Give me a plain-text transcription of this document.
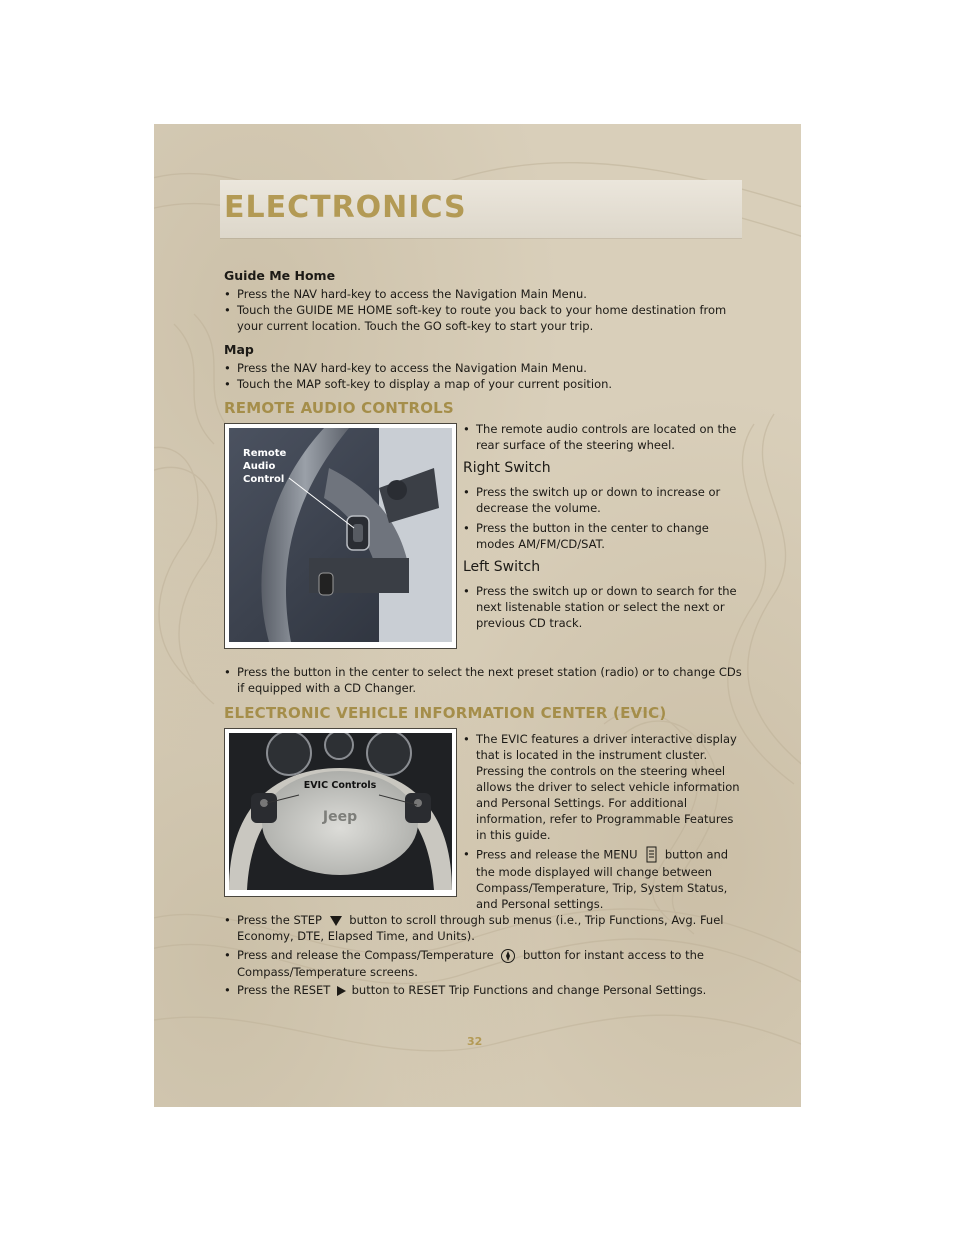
ELECTRONICS
Guide Me Home
• Press the NAV hard-key to access the Navigation Main Menu.
• Touch the GUIDE ME HOME soft-key to route you back to your home destination from your current location. Touch the GO soft-key to start your trip.
Map
• Press the NAV hard-key to access the Navigation Main Menu.
• Touch the MAP soft-key to display a map of your current position.
REMOTE AUDIO CONTROLS
Remote
Audio
Control
• The remote audio controls are located on the rear surface of the steering wheel.
Right Switch
• Press the switch up or down to increase or decrease the volume.
• Press the button in the center to change modes AM/FM/CD/SAT.
Left Switch
• Press the switch up or down to search for the next listenable station or select the next or previous CD track.
• Press the button in the center to select the next preset station (radio) or to change CDs if equipped with a CD Changer.
ELECTRONIC VEHICLE INFORMATION CENTER (EVIC)
EVIC Controls
Jeep
• The EVIC features a driver interactive display that is located in the instrument cluster. Pressing the controls on the steering wheel allows the driver to select vehicle information and Personal Settings. For additional information, refer to Programmable Features in this guide.
• Press and release the MENU button and the mode displayed will change between Compass/Temperature, Trip, System Status, and Personal settings.
• Press the STEP button to scroll through sub menus (i.e., Trip Functions, Avg. Fuel Economy, DTE, Elapsed Time, and Units).
• Press and release the Compass/Temperature	button for instant access to the Compass/Temperature screens.
• Press the RESET button to RESET Trip Functions and change Personal Settings.
32
